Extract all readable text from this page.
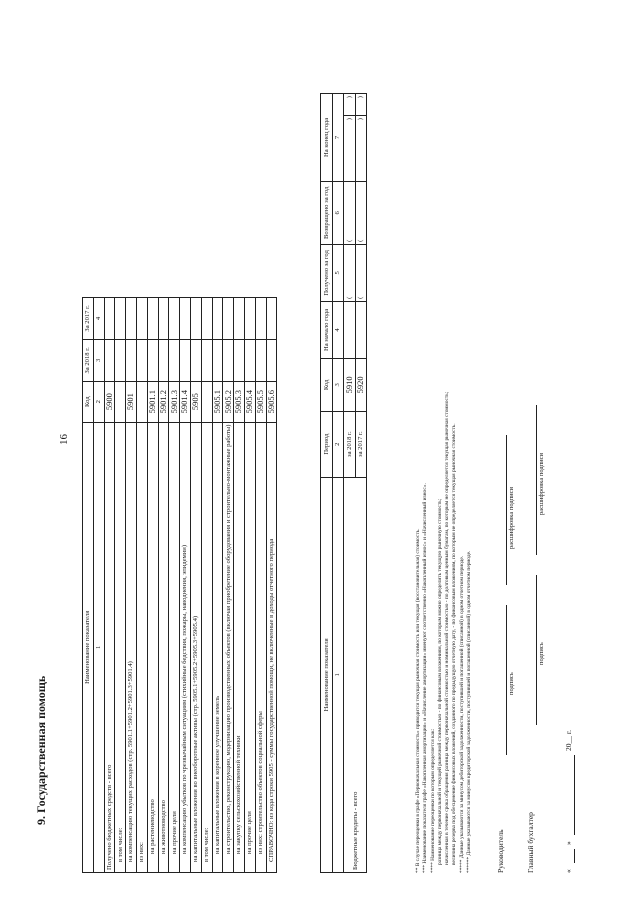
9. Государственная помощь
16
Наименование показателя	Код	За 2018 г.	За 2017 г.
1	2	3	4
Получено бюджетных средств - всего	5900		
в том числе:			
на компенсацию текущих расходов (стр. 5901.1+5901.2+5901.3+5901.4)	5901		
из них:			
на растениеводство	5901.1		
на животноводство	5901.2		
на прочие цели	5901.3		
на компенсацию убытков по чрезвычайным ситуациям (стихийные бедствия, пожары, наводнения, эпидемии)	5901.4		
на капитальные вложения во внеоборотные активы (стр. 5905.1+5905.2+5905.3+5905.4)	5905		
в том числе:			
на капитальные вложения в коренное улучшение земель	5905.1		
на строительство, реконструкцию, модернизацию производственных объектов (включая приобретение оборудования и строительно-монтажные работы)	5905.2		
на закупку сельскохозяйственной техники	5905.3		
на прочие цели	5905.4		
из них: строительство объектов социальной сферы	5905.5		
СПРАВОЧНО: из кода строки 5905 - суммы государственной помощи, не включенные в доходы отчетного периода	5905.6		
Наименование показателя	Период	Код	На начало года	Получено за год	Возвращено за год	На конец года	
1	2	3	4	5	6	7	
Бюджетные кредиты - всего	за 2018 г.	5910		(	(	)	)
	за 2017 г.	5920		(	(	)	)
** В случае переоценки в графе «Первоначальная стоимость» приводится текущая рыночная стоимость или текущая (восстановительная) стоимость. *** Наименование показателя графе «Накопленная амортизация» и «Начисление амортизации» именуют соответственно «Накопленный износ» и «Начисленный износ». **** Наименование переоценки по которым определяется как: разница между первоначальной и текущей рыночной стоимостью - по финансовым вложениям, по которым можно определить текущую рыночную стоимость; начисленная в течение срока обращения разница между первоначальной стоимостью и номинальной стоимостью - по долговым ценным бумагам, по которым не определяется текущая рыночная стоимость; величина резерва под обесценение финансовых вложений, созданного по предыдущую отчетную дату, - по финансовым вложениям, по которым не определяется текущая рыночная стоимость. ***** Данные указываются за минусом дебиторской задолженности, поступившей и погашенной (списанной) в одном отчетном периоде. ****** Данные указываются за минусом кредиторской задолженности, поступившей и погашенной (списанной) в одном отчетном периоде.	Руководитель
подпись
расшифровка подписи
Главный бухгалтер
подпись
расшифровка подписи
«
»
20__ г.
